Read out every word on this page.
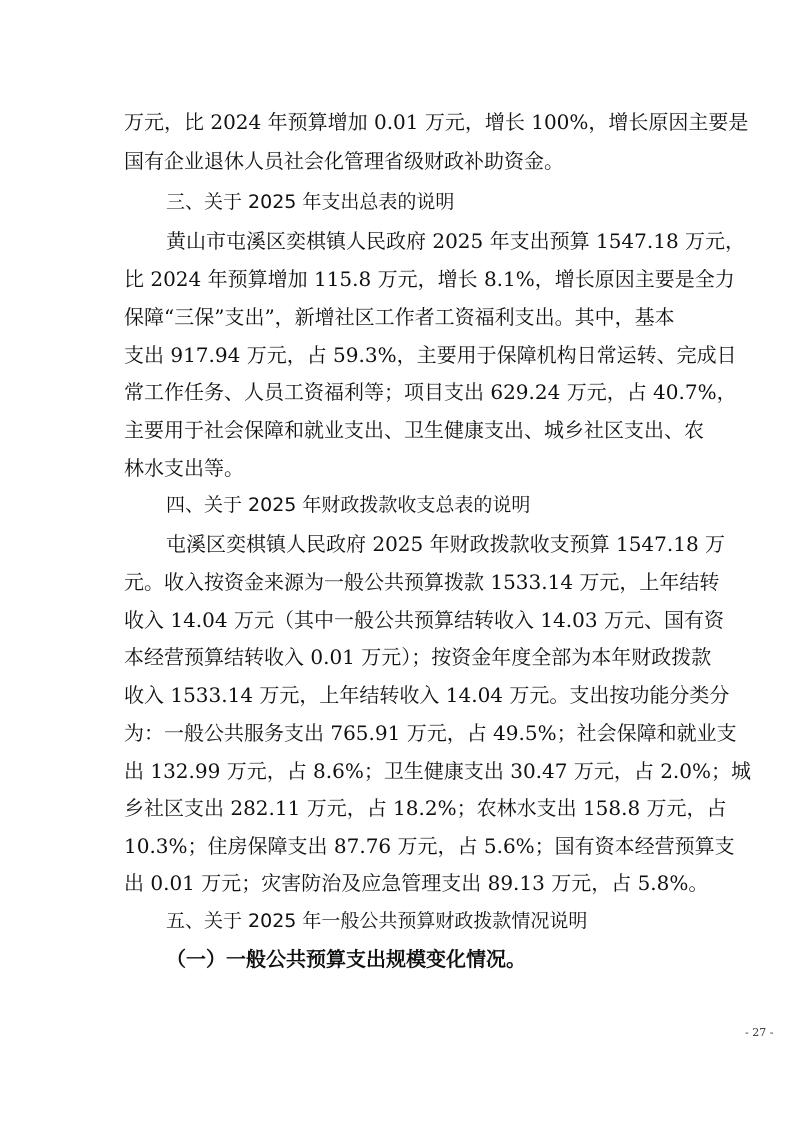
万元，比 2024 年预算增加 0.01 万元，增长 100%，增长原因主要是
国有企业退休人员社会化管理省级财政补助资金。
三、关于 2025 年支出总表的说明
黄山市屯溪区奕棋镇人民政府 2025 年支出预算 1547.18 万元，
比 2024 年预算增加 115.8 万元，增长 8.1%，增长原因主要是全力
保障“三保”支出”，新增社区工作者工资福利支出。其中，基本
支出 917.94 万元，占 59.3%，主要用于保障机构日常运转、完成日
常工作任务、人员工资福利等；项目支出 629.24 万元，占 40.7%，
主要用于社会保障和就业支出、卫生健康支出、城乡社区支出、农
林水支出等。
四、关于 2025 年财政拨款收支总表的说明
屯溪区奕棋镇人民政府 2025 年财政拨款收支预算 1547.18 万
元。收入按资金来源为一般公共预算拨款 1533.14 万元，上年结转
收入 14.04 万元（其中一般公共预算结转收入 14.03 万元、国有资
本经营预算结转收入 0.01 万元）；按资金年度全部为本年财政拨款
收入 1533.14 万元，上年结转收入 14.04 万元。支出按功能分类分
为：一般公共服务支出 765.91 万元，占 49.5%；社会保障和就业支
出 132.99 万元，占 8.6%；卫生健康支出 30.47 万元，占 2.0%；城
乡社区支出 282.11 万元，占 18.2%；农林水支出 158.8 万元，占
10.3%；住房保障支出 87.76 万元，占 5.6%；国有资本经营预算支
出 0.01 万元；灾害防治及应急管理支出 89.13 万元，占 5.8%。
五、关于 2025 年一般公共预算财政拨款情况说明
（一）一般公共预算支出规模变化情况。
- 27 -
